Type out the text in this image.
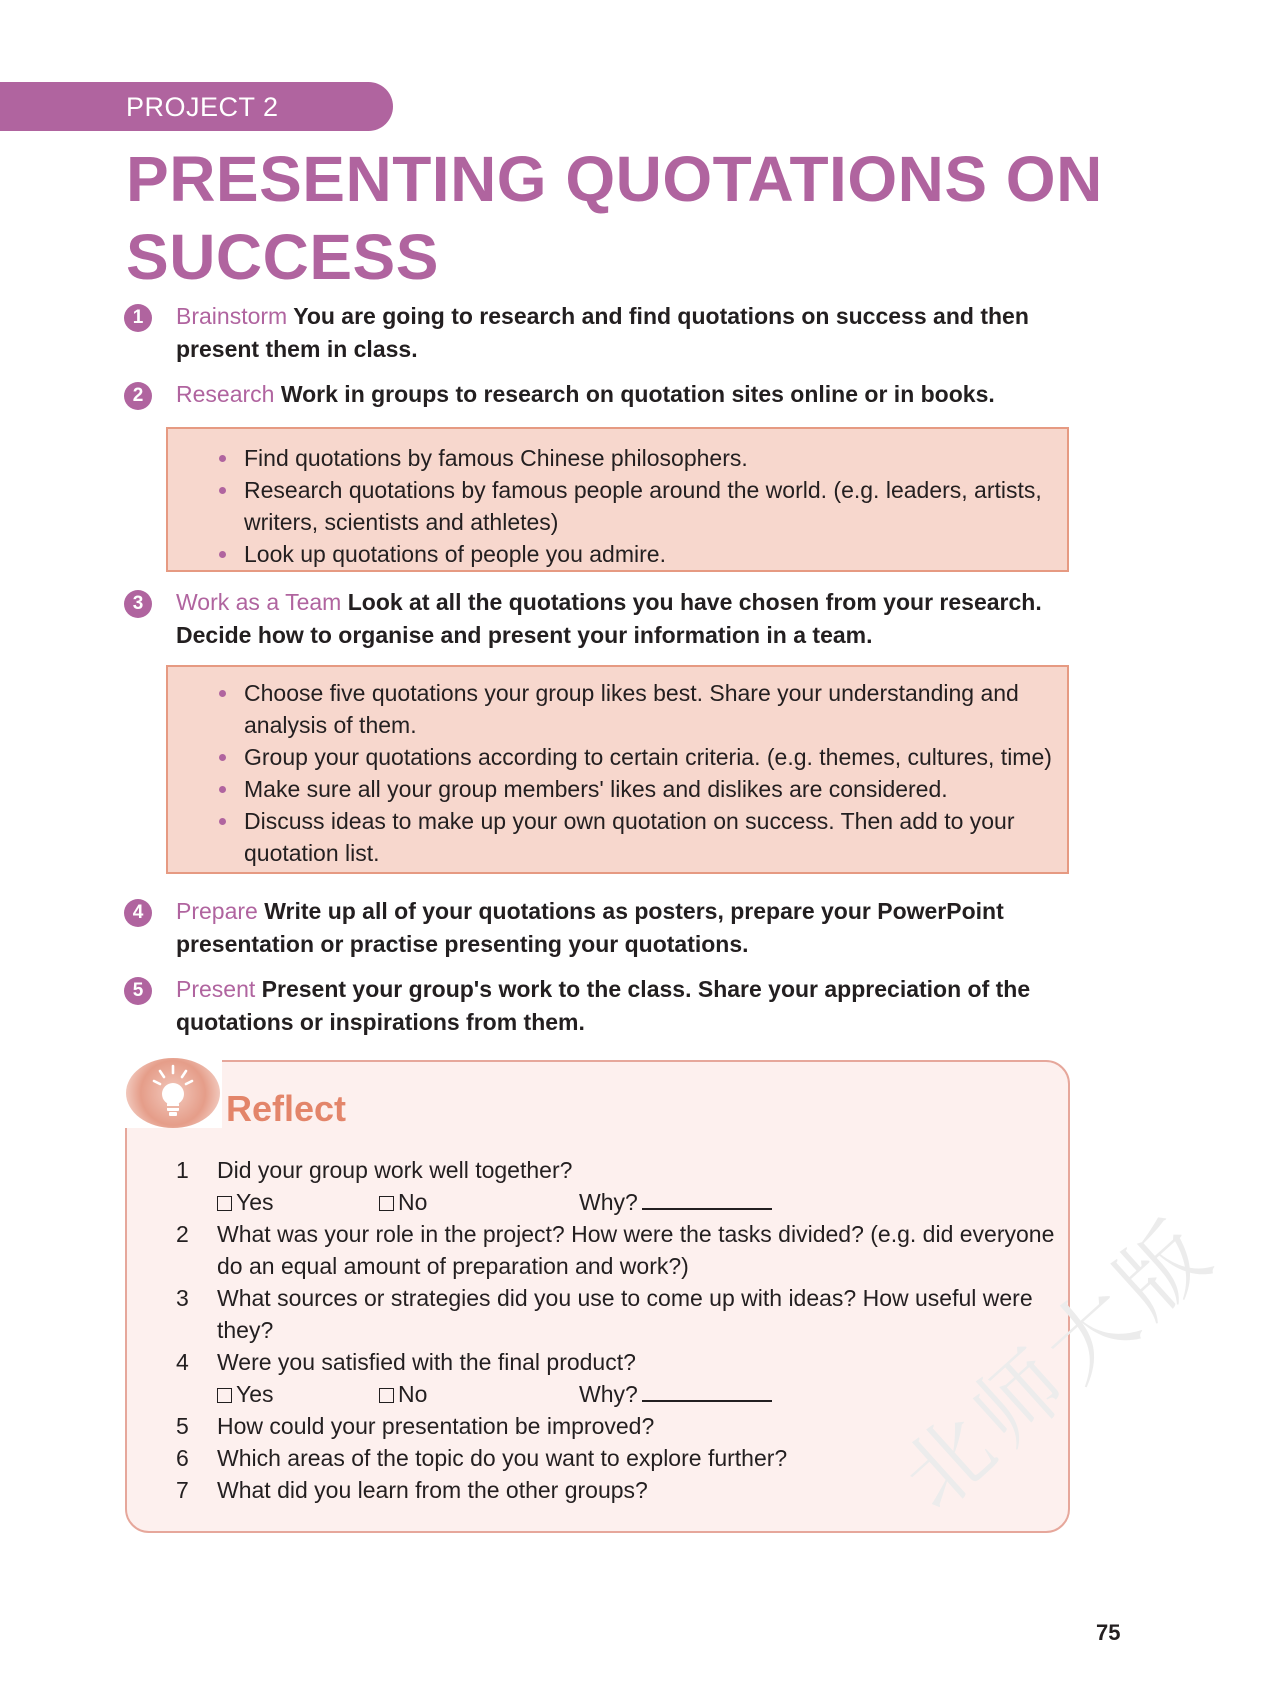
PROJECT 2
PRESENTING QUOTATIONS ON SUCCESS
1	Brainstorm You are going to research and find quotations on success and then present them in class.

2	Research Work in groups to research on quotation sites online or in books.

Find quotations by famous Chinese philosophers.
Research quotations by famous people around the world. (e.g. leaders, artists, writers, scientists and athletes)
Look up quotations of people you admire.
3	Work as a Team Look at all the quotations you have chosen from your research. Decide how to organise and present your information in a team.

Choose five quotations your group likes best. Share your understanding and analysis of them.
Group your quotations according to certain criteria. (e.g. themes, cultures, time)
Make sure all your group members' likes and dislikes are considered.
Discuss ideas to make up your own quotation on success. Then add to your quotation list.
4	Prepare Write up all of your quotations as posters, prepare your PowerPoint presentation or practise presenting your quotations.

5	Present Present your group's work to the class. Share your appreciation of the quotations or inspirations from them.

Reflect
1	Did your group work well together?
Yes	No	Why?
2	What was your role in the project? How were the tasks divided? (e.g. did everyone do an equal amount of preparation and work?)
3	What sources or strategies did you use to come up with ideas? How useful were they?
4	Were you satisfied with the final product?
Yes	No	Why?
5	How could your presentation be improved?
6	Which areas of the topic do you want to explore further?
7	What did you learn from the other groups?	北师大版
75
